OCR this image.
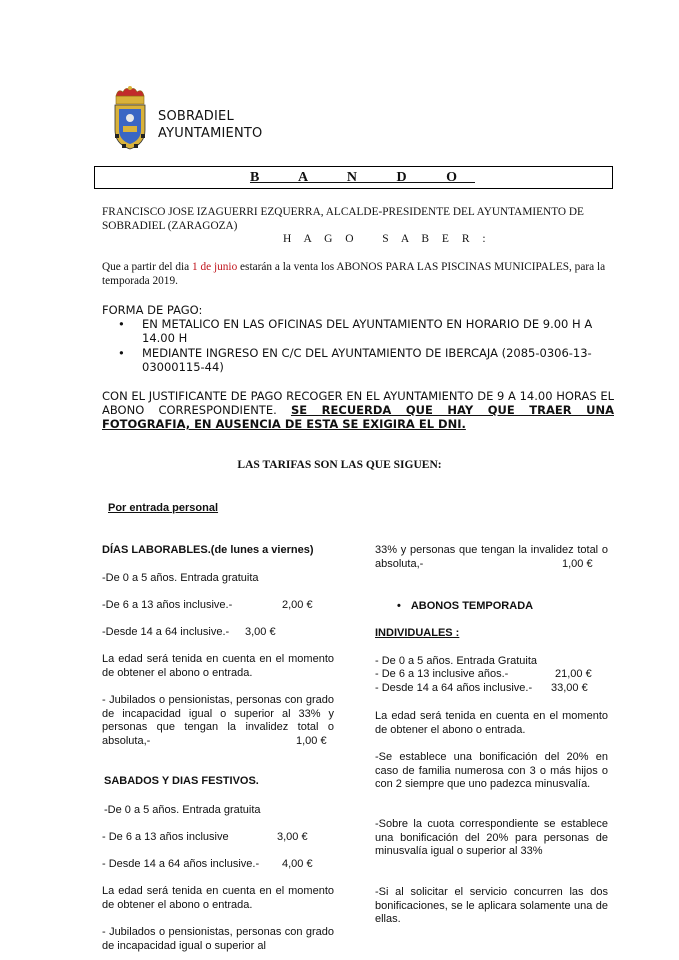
SOBRADIEL
AYUNTAMIENTO
B A N D O
FRANCISCO JOSE IZAGUERRI EZQUERRA, ALCALDE-PRESIDENTE DEL AYUNTAMIENTO DE SOBRADIEL (ZARAGOZA)
H A G O   S A B E R :
Que a partir del dia 1 de junio estarán a la venta los ABONOS PARA LAS PISCINAS MUNICIPALES, para la temporada 2019.
FORMA DE PAGO:
• EN METALICO EN LAS OFICINAS DEL AYUNTAMIENTO EN HORARIO DE 9.00 H A 14.00 H
• MEDIANTE INGRESO EN C/C DEL AYUNTAMIENTO DE IBERCAJA (2085-0306-13-03000115-44)
CON EL JUSTIFICANTE DE PAGO RECOGER EN EL AYUNTAMIENTO DE 9 A 14.00 HORAS EL ABONO CORRESPONDIENTE. SE RECUERDA QUE HAY QUE TRAER UNA FOTOGRAFIA, EN AUSENCIA DE ESTA SE EXIGIRA EL DNI.
LAS TARIFAS SON LAS QUE SIGUEN:
Por entrada personal
DÍAS LABORABLES.(de lunes a viernes)
-De 0 a 5 años. Entrada gratuita
-De 6 a 13 años inclusive.-	2,00 €
-Desde 14 a 64 inclusive.- 3,00 €
La edad será tenida en cuenta en el momento de obtener el abono o entrada.
- Jubilados o pensionistas, personas con grado de incapacidad igual o superior al 33% y personas que tengan la invalidez total o absoluta,-	1,00 €
SABADOS Y DIAS FESTIVOS.
-De 0 a 5 años. Entrada gratuita
- De 6 a 13 años inclusive	3,00 €
- Desde 14 a 64 años inclusive.- 4,00 €
La edad será tenida en cuenta en el momento de obtener el abono o entrada.
- Jubilados o pensionistas, personas con grado de incapacidad igual o superior al
33% y personas que tengan la invalidez total o absoluta,-	1,00 €
• ABONOS TEMPORADA
INDIVIDUALES :
- De 0 a 5 años. Entrada Gratuita
- De 6 a 13 inclusive años.-	21,00 €
- Desde 14 a 64 años inclusive.- 33,00 €
La edad será tenida en cuenta en el momento de obtener el abono o entrada.
-Se establece una bonificación del 20% en caso de familia numerosa con 3 o más hijos o con 2 siempre que uno padezca minusvalía.
-Sobre la cuota correspondiente se establece una bonificación del 20% para personas de minusvalía igual o superior al 33%
-Si al solicitar el servicio concurren las dos bonificaciones, se le aplicara solamente una de ellas.
